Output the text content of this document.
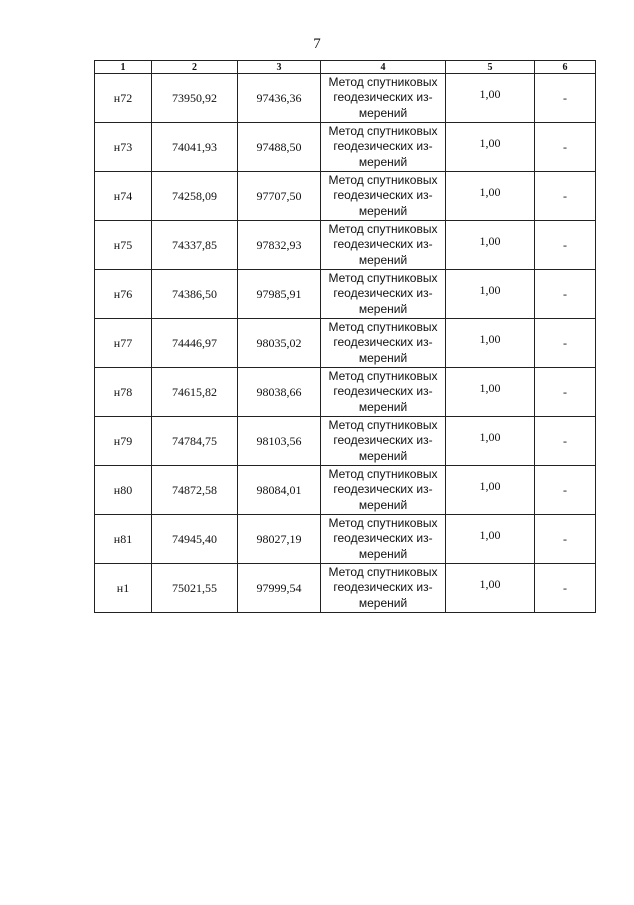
7
1	2	3	4	5	6
н72	73950,92	97436,36	Метод спутниковых
геодезических из-
мерений	1,00	-
н73	74041,93	97488,50	Метод спутниковых
геодезических из-
мерений	1,00	-
н74	74258,09	97707,50	Метод спутниковых
геодезических из-
мерений	1,00	-
н75	74337,85	97832,93	Метод спутниковых
геодезических из-
мерений	1,00	-
н76	74386,50	97985,91	Метод спутниковых
геодезических из-
мерений	1,00	-
н77	74446,97	98035,02	Метод спутниковых
геодезических из-
мерений	1,00	-
н78	74615,82	98038,66	Метод спутниковых
геодезических из-
мерений	1,00	-
н79	74784,75	98103,56	Метод спутниковых
геодезических из-
мерений	1,00	-
н80	74872,58	98084,01	Метод спутниковых
геодезических из-
мерений	1,00	-
н81	74945,40	98027,19	Метод спутниковых
геодезических из-
мерений	1,00	-
н1	75021,55	97999,54	Метод спутниковых
геодезических из-
мерений	1,00	-
